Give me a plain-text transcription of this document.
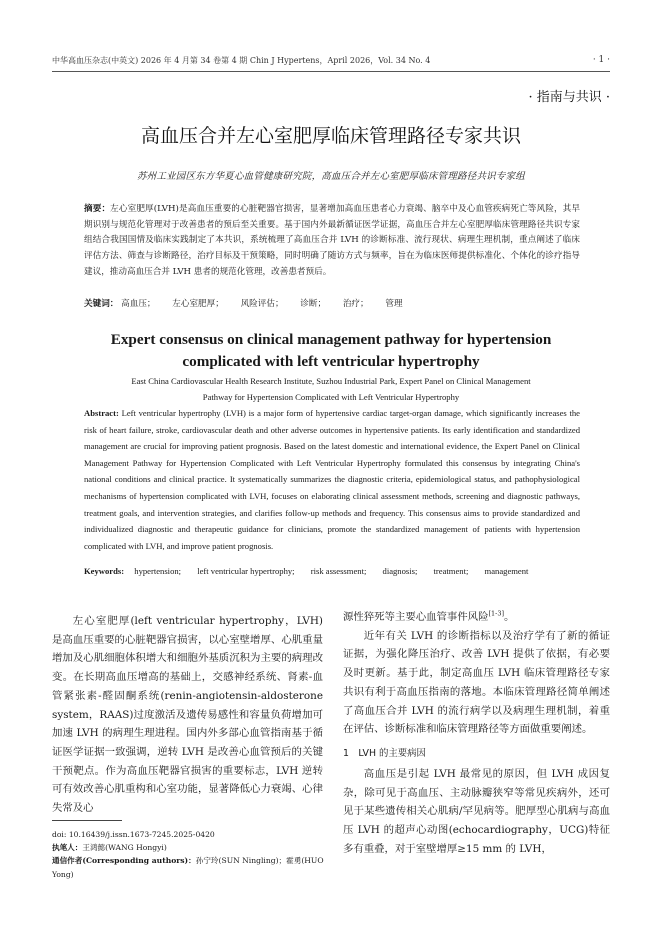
中华高血压杂志(中英文) 2026 年 4 月第 34 卷第 4 期 Chin J Hypertens，April 2026，Vol. 34 No. 4	· 1 ·
· 指南与共识 ·
高血压合并左心室肥厚临床管理路径专家共识
苏州工业园区东方华夏心血管健康研究院，高血压合并左心室肥厚临床管理路径共识专家组
摘要：左心室肥厚(LVH)是高血压重要的心脏靶器官损害，显著增加高血压患者心力衰竭、脑卒中及心血管疾病死亡等风险，其早期识别与规范化管理对于改善患者的预后至关重要。基于国内外最新循证医学证据，高血压合并左心室肥厚临床管理路径共识专家组结合我国国情及临床实践制定了本共识，系统梳理了高血压合并 LVH 的诊断标准、流行现状、病理生理机制，重点阐述了临床评估方法、筛查与诊断路径，治疗目标及干预策略，同时明确了随访方式与频率，旨在为临床医师提供标准化、个体化的诊疗指导建议，推动高血压合并 LVH 患者的规范化管理，改善患者预后。
关键词： 高血压； 左心室肥厚； 风险评估； 诊断； 治疗； 管理
Expert consensus on clinical management pathway for hypertension
complicated with left ventricular hypertrophy
East China Cardiovascular Health Research Institute, Suzhou Industrial Park, Expert Panel on Clinical Management
Pathway for Hypertension Complicated with Left Ventricular Hypertrophy
Abstract: Left ventricular hypertrophy (LVH) is a major form of hypertensive cardiac target-organ damage, which significantly increases the risk of heart failure, stroke, cardiovascular death and other adverse outcomes in hypertensive patients. Its early identification and standardized management are crucial for improving patient prognosis. Based on the latest domestic and international evidence, the Expert Panel on Clinical Management Pathway for Hypertension Complicated with Left Ventricular Hypertrophy formulated this consensus by integrating China's national conditions and clinical practice. It systematically summarizes the diagnostic criteria, epidemiological status, and pathophysiological mechanisms of hypertension complicated with LVH, focuses on elaborating clinical assessment methods, screening and diagnostic pathways, treatment goals, and intervention strategies, and clarifies follow-up methods and frequency. This consensus aims to provide standardized and individualized diagnostic and therapeutic guidance for clinicians, promote the standardized management of patients with hypertension complicated with LVH, and improve patient prognosis.
Keywords: hypertension; left ventricular hypertrophy; risk assessment; diagnosis; treatment; management

左心室肥厚(left ventricular hypertrophy，LVH)是高血压重要的心脏靶器官损害，以心室壁增厚、心肌重量增加及心肌细胞体积增大和细胞外基质沉积为主要的病理改变。在长期高血压增高的基础上，交感神经系统、肾素-血管紧张素-醛固酮系统(renin-angiotensin-aldosterone system，RAAS)过度激活及遗传易感性和容量负荷增加可加速 LVH 的病理生理进程。国内外多部心血管指南基于循证医学证据一致强调，逆转 LVH 是改善心血管预后的关键干预靶点。作为高血压靶器官损害的重要标志，LVH 逆转可有效改善心肌重构和心室功能，显著降低心力衰竭、心律失常及心

源性猝死等主要心血管事件风险[1-3]。

近年有关 LVH 的诊断指标以及治疗学有了新的循证证据，为强化降压治疗、改善 LVH 提供了依据，有必要及时更新。基于此，制定高血压 LVH 临床管理路径专家共识有利于高血压指南的落地。本临床管理路径简单阐述了高血压合并 LVH 的流行病学以及病理生理机制，着重在评估、诊断标准和临床管理路径等方面做重要阐述。

1　LVH 的主要病因

高血压是引起 LVH 最常见的原因，但 LVH 成因复杂，除可见于高血压、主动脉瓣狭窄等常见疾病外，还可见于某些遗传相关心肌病/罕见病等。肥厚型心肌病与高血压 LVH 的超声心动图(echocardiography，UCG)特征多有重叠，对于室壁增厚≥15 mm 的 LVH，

doi: 10.16439/j.issn.1673-7245.2025-0420
执笔人：王鸿懿(WANG Hongyi)
通信作者(Corresponding authors)：孙宁玲(SUN Ningling)；霍勇(HUO Yong)
